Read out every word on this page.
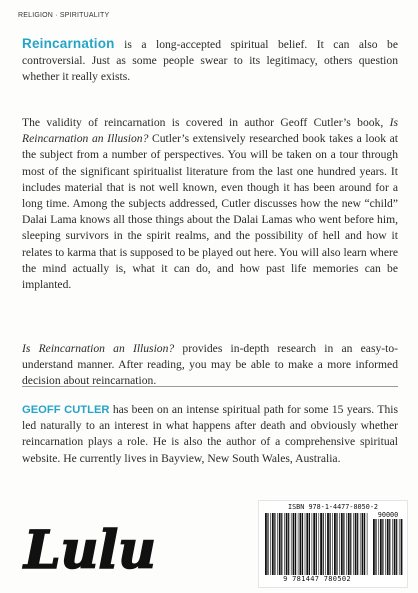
RELIGION · SPIRITUALITY

Reincarnation is a long-accepted spiritual belief. It can also be controversial. Just as some people swear to its legitimacy, others question whether it really exists.

The validity of reincarnation is covered in author Geoff Cutler’s book, Is Reincarnation an Illusion? Cutler’s extensively researched book takes a look at the subject from a number of perspectives. You will be taken on a tour through most of the significant spiritualist literature from the last one hundred years. It includes material that is not well known, even though it has been around for a long time. Among the subjects addressed, Cutler discusses how the new “child” Dalai Lama knows all those things about the Dalai Lamas who went before him, sleeping survivors in the spirit realms, and the possibility of hell and how it relates to karma that is supposed to be played out here. You will also learn where the mind actually is, what it can do, and how past life memories can be implanted.

Is Reincarnation an Illusion? provides in-depth research in an easy-to-understand manner. After reading, you may be able to make a more informed decision about reincarnation.

GEOFF CUTLER has been on an intense spiritual path for some 15 years. This led naturally to an interest in what happens after death and obviously whether reincarnation plays a role. He is also the author of a comprehensive spiritual website. He currently lives in Bayview, New South Wales, Australia.

Lulu
ISBN 978-1-4477-8050-2
90000
9 781447 780502
